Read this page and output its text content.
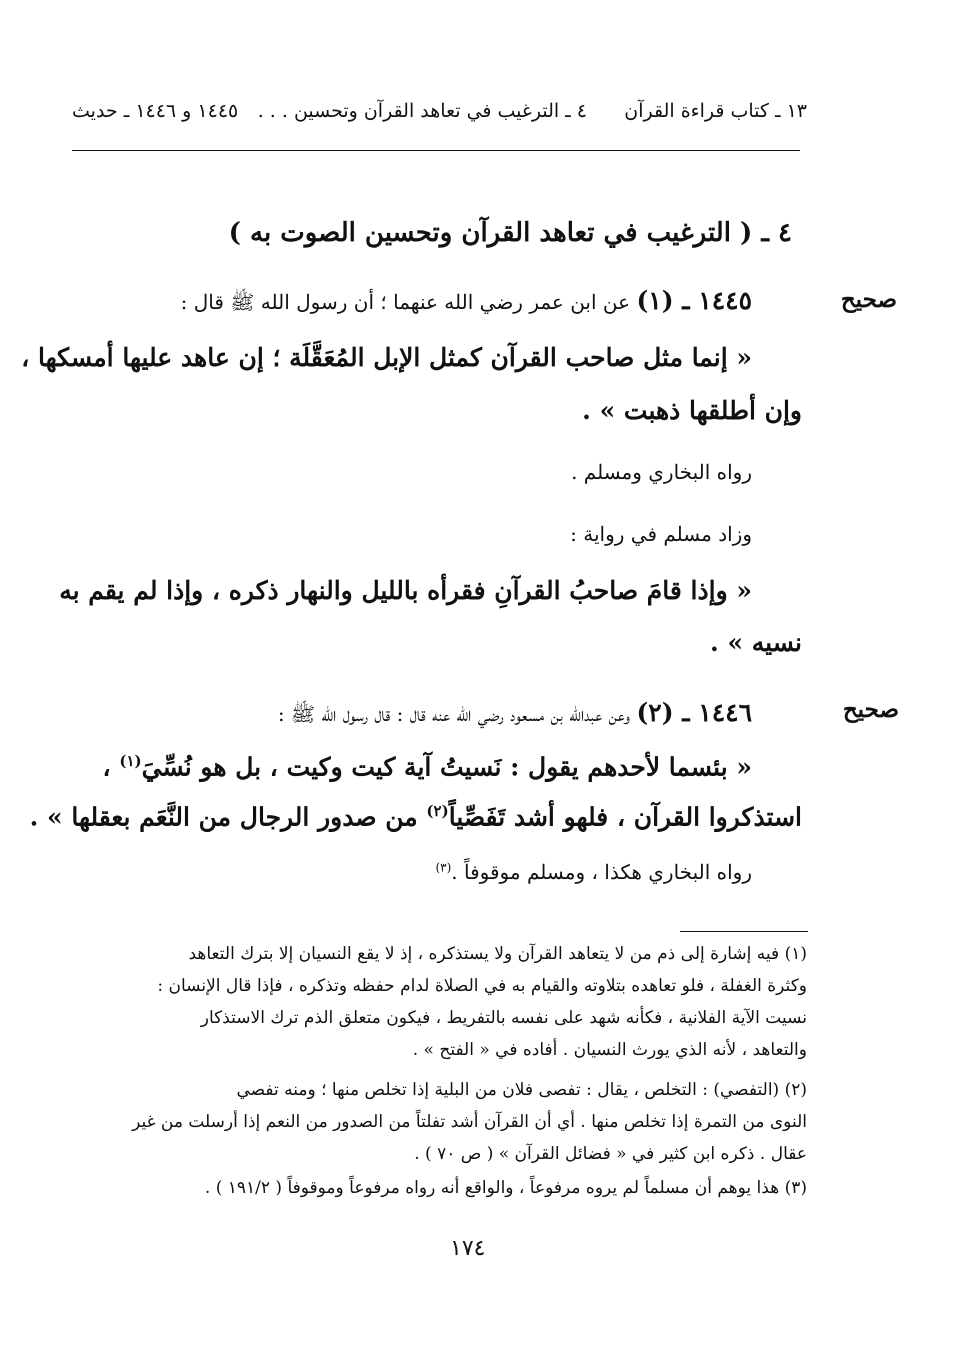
١٣ ـ كتاب قراءة القرآن
٤ ـ الترغيب في تعاهد القرآن وتحسين . . .
١٤٤٥ و ١٤٤٦ ـ حديث
٤ ـ ( الترغيب في تعاهد القرآن وتحسين الصوت به )
صحيح
١٤٤٥ ـ (١) عن ابن عمر رضي الله عنهما ؛ أن رسول الله ﷺ قال :
« إنما مثل صاحب القرآن كمثل الإبل المُعَقَّلَة ؛ إن عاهد عليها أمسكها ،
وإن أطلقها ذهبت » .
رواه البخاري ومسلم .
وزاد مسلم في رواية :
« وإذا قامَ صاحبُ القرآنِ فقرأه بالليل والنهار ذكره ، وإذا لم يقم به
نسيه » .
صحيح
١٤٤٦ ـ (٢) وعن عبدالله بن مسعود رضي الله عنه قال : قال رسول الله ﷺ :
« بئسما لأحدهم يقول : نَسيتُ آية كيت وكيت ، بل هو نُسِّيَ$^{(١)}$ ،
استذكروا القرآن ، فلهو أشد تَفَصِّياً$^{(٢)}$ من صدور الرجال من النَّعَم بعقلها » .
رواه البخاري هكذا ، ومسلم موقوفاً .$^{(٣)}$
(١) فيه إشارة إلى ذم من لا يتعاهد القرآن ولا يستذكره ، إذ لا يقع النسيان إلا بترك التعاهد
وكثرة الغفلة ، فلو تعاهده بتلاوته والقيام به في الصلاة لدام حفظه وتذكره ، فإذا قال الإنسان :
نسيت الآية الفلانية ، فكأنه شهد على نفسه بالتفريط ، فيكون متعلق الذم ترك الاستذكار
والتعاهد ، لأنه الذي يورث النسيان . أفاده في « الفتح » .
(٢) (التفصي) : التخلص ، يقال : تفصى فلان من البلية إذا تخلص منها ؛ ومنه تفصي
النوى من التمرة إذا تخلص منها . أي أن القرآن أشد تفلتاً من الصدور من النعم إذا أرسلت من غير
عقال . ذكره ابن كثير في « فضائل القرآن » ( ص ٧٠ ) .
(٣) هذا يوهم أن مسلماً لم يروه مرفوعاً ، والواقع أنه رواه مرفوعاً وموقوفاً ( ١٩١/٢ ) .
١٧٤
